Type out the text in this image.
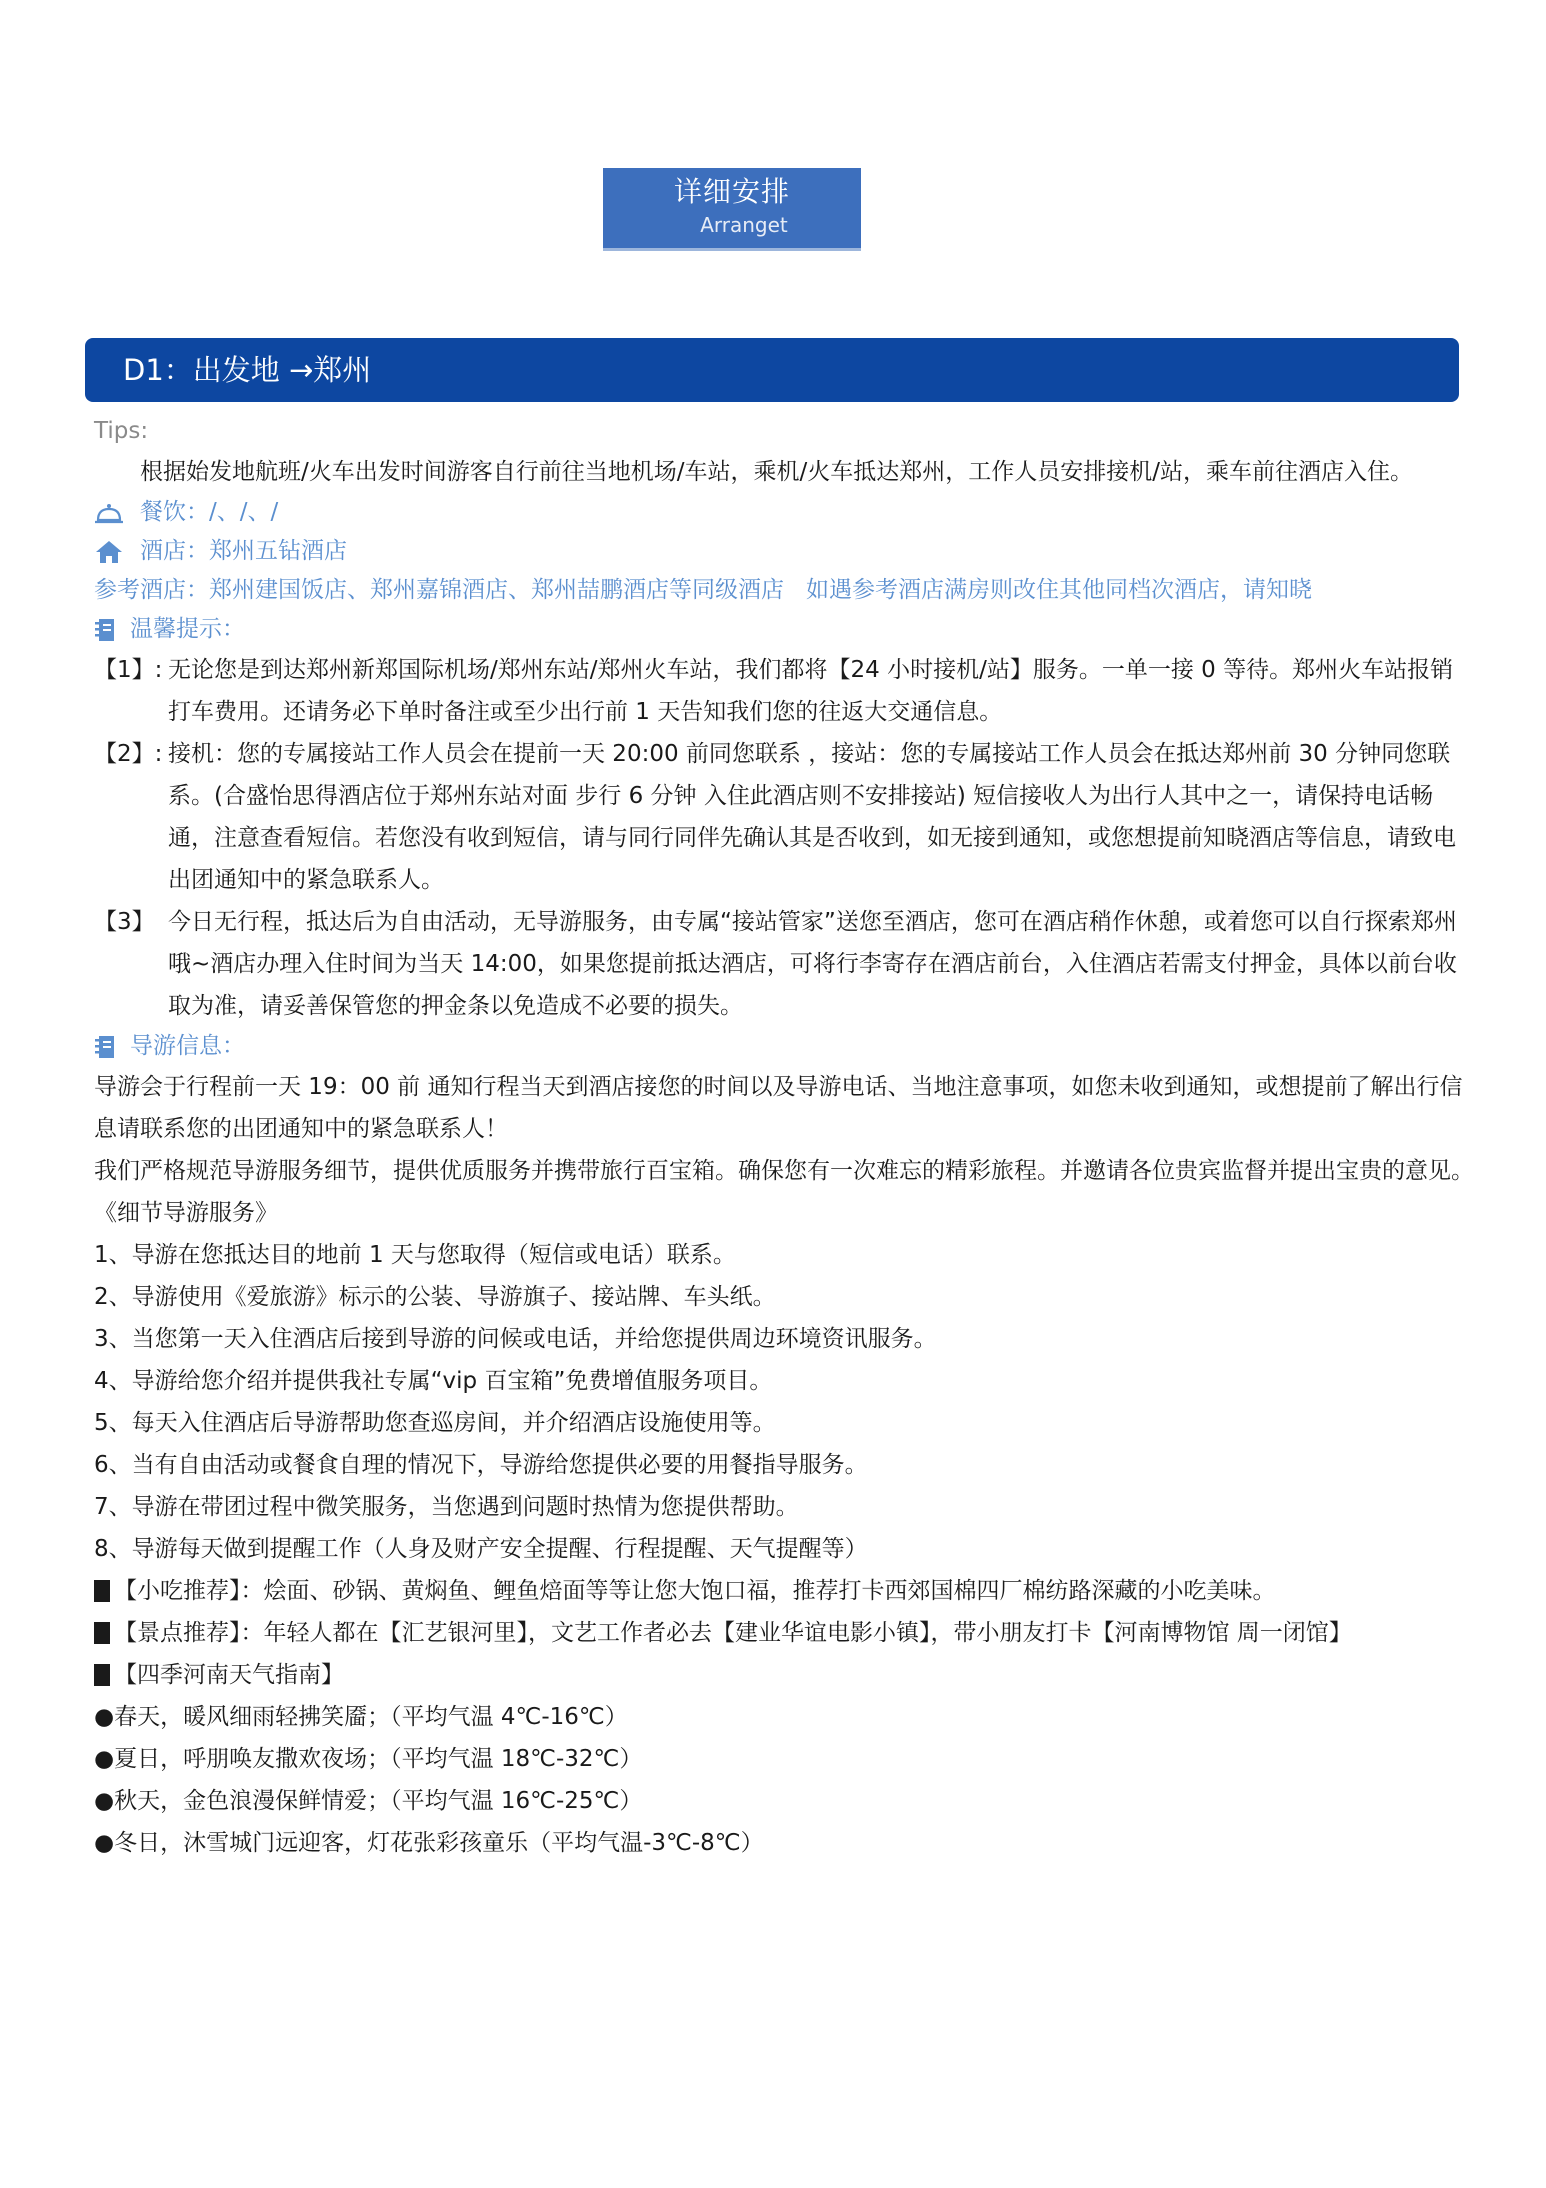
详细安排
Arranget
D1：出发地 →郑州
Tips:
根据始发地航班/火车出发时间游客自行前往当地机场/车站，乘机/火车抵达郑州，工作人员安排接机/站，乘车前往酒店入住。
餐饮：/、/、/
酒店：郑州五钻酒店
参考酒店：郑州建国饭店、郑州嘉锦酒店、郑州喆鹏酒店等同级酒店 如遇参考酒店满房则改住其他同档次酒店，请知晓
温馨提示：
【1】: 无论您是到达郑州新郑国际机场/郑州东站/郑州火车站，我们都将【24 小时接机/站】服务。一单一接 0 等待。郑州火车站报销打车费用。还请务必下单时备注或至少出行前 1 天告知我们您的往返大交通信息。
【2】: 接机：您的专属接站工作人员会在提前一天 20:00 前同您联系 ，接站：您的专属接站工作人员会在抵达郑州前 30 分钟同您联系。(合盛怡思得酒店位于郑州东站对面 步行 6 分钟 入住此酒店则不安排接站) 短信接收人为出行人其中之一，请保持电话畅通，注意查看短信。若您没有收到短信，请与同行同伴先确认其是否收到，如无接到通知，或您想提前知晓酒店等信息，请致电出团通知中的紧急联系人。
【3】 今日无行程，抵达后为自由活动，无导游服务，由专属“接站管家”送您至酒店，您可在酒店稍作休憩，或着您可以自行探索郑州哦~酒店办理入住时间为当天 14:00，如果您提前抵达酒店，可将行李寄存在酒店前台，入住酒店若需支付押金，具体以前台收取为准，请妥善保管您的押金条以免造成不必要的损失。
导游信息：
导游会于行程前一天 19：00 前 通知行程当天到酒店接您的时间以及导游电话、当地注意事项，如您未收到通知，或想提前了解出行信息请联系您的出团通知中的紧急联系人！
我们严格规范导游服务细节，提供优质服务并携带旅行百宝箱。确保您有一次难忘的精彩旅程。并邀请各位贵宾监督并提出宝贵的意见。
《细节导游服务》
1、导游在您抵达目的地前 1 天与您取得（短信或电话）联系。
2、导游使用《爱旅游》标示的公装、导游旗子、接站牌、车头纸。
3、当您第一天入住酒店后接到导游的问候或电话，并给您提供周边环境资讯服务。
4、导游给您介绍并提供我社专属“vip 百宝箱”免费增值服务项目。
5、每天入住酒店后导游帮助您查巡房间，并介绍酒店设施使用等。
6、当有自由活动或餐食自理的情况下，导游给您提供必要的用餐指导服务。
7、导游在带团过程中微笑服务，当您遇到问题时热情为您提供帮助。
8、导游每天做到提醒工作（人身及财产安全提醒、行程提醒、天气提醒等）
【小吃推荐】：烩面、砂锅、黄焖鱼、鲤鱼焙面等等让您大饱口福，推荐打卡西郊国棉四厂棉纺路深藏的小吃美味。
【景点推荐】：年轻人都在【汇艺银河里】，文艺工作者必去【建业华谊电影小镇】，带小朋友打卡【河南博物馆 周一闭馆】
【四季河南天气指南】
●春天，暖风细雨轻拂笑靥；（平均气温 4℃-16℃）
●夏日，呼朋唤友撒欢夜场；（平均气温 18℃-32℃）
●秋天，金色浪漫保鲜情爱；（平均气温 16℃-25℃）
●冬日，沐雪城门远迎客，灯花张彩孩童乐（平均气温-3℃-8℃）
